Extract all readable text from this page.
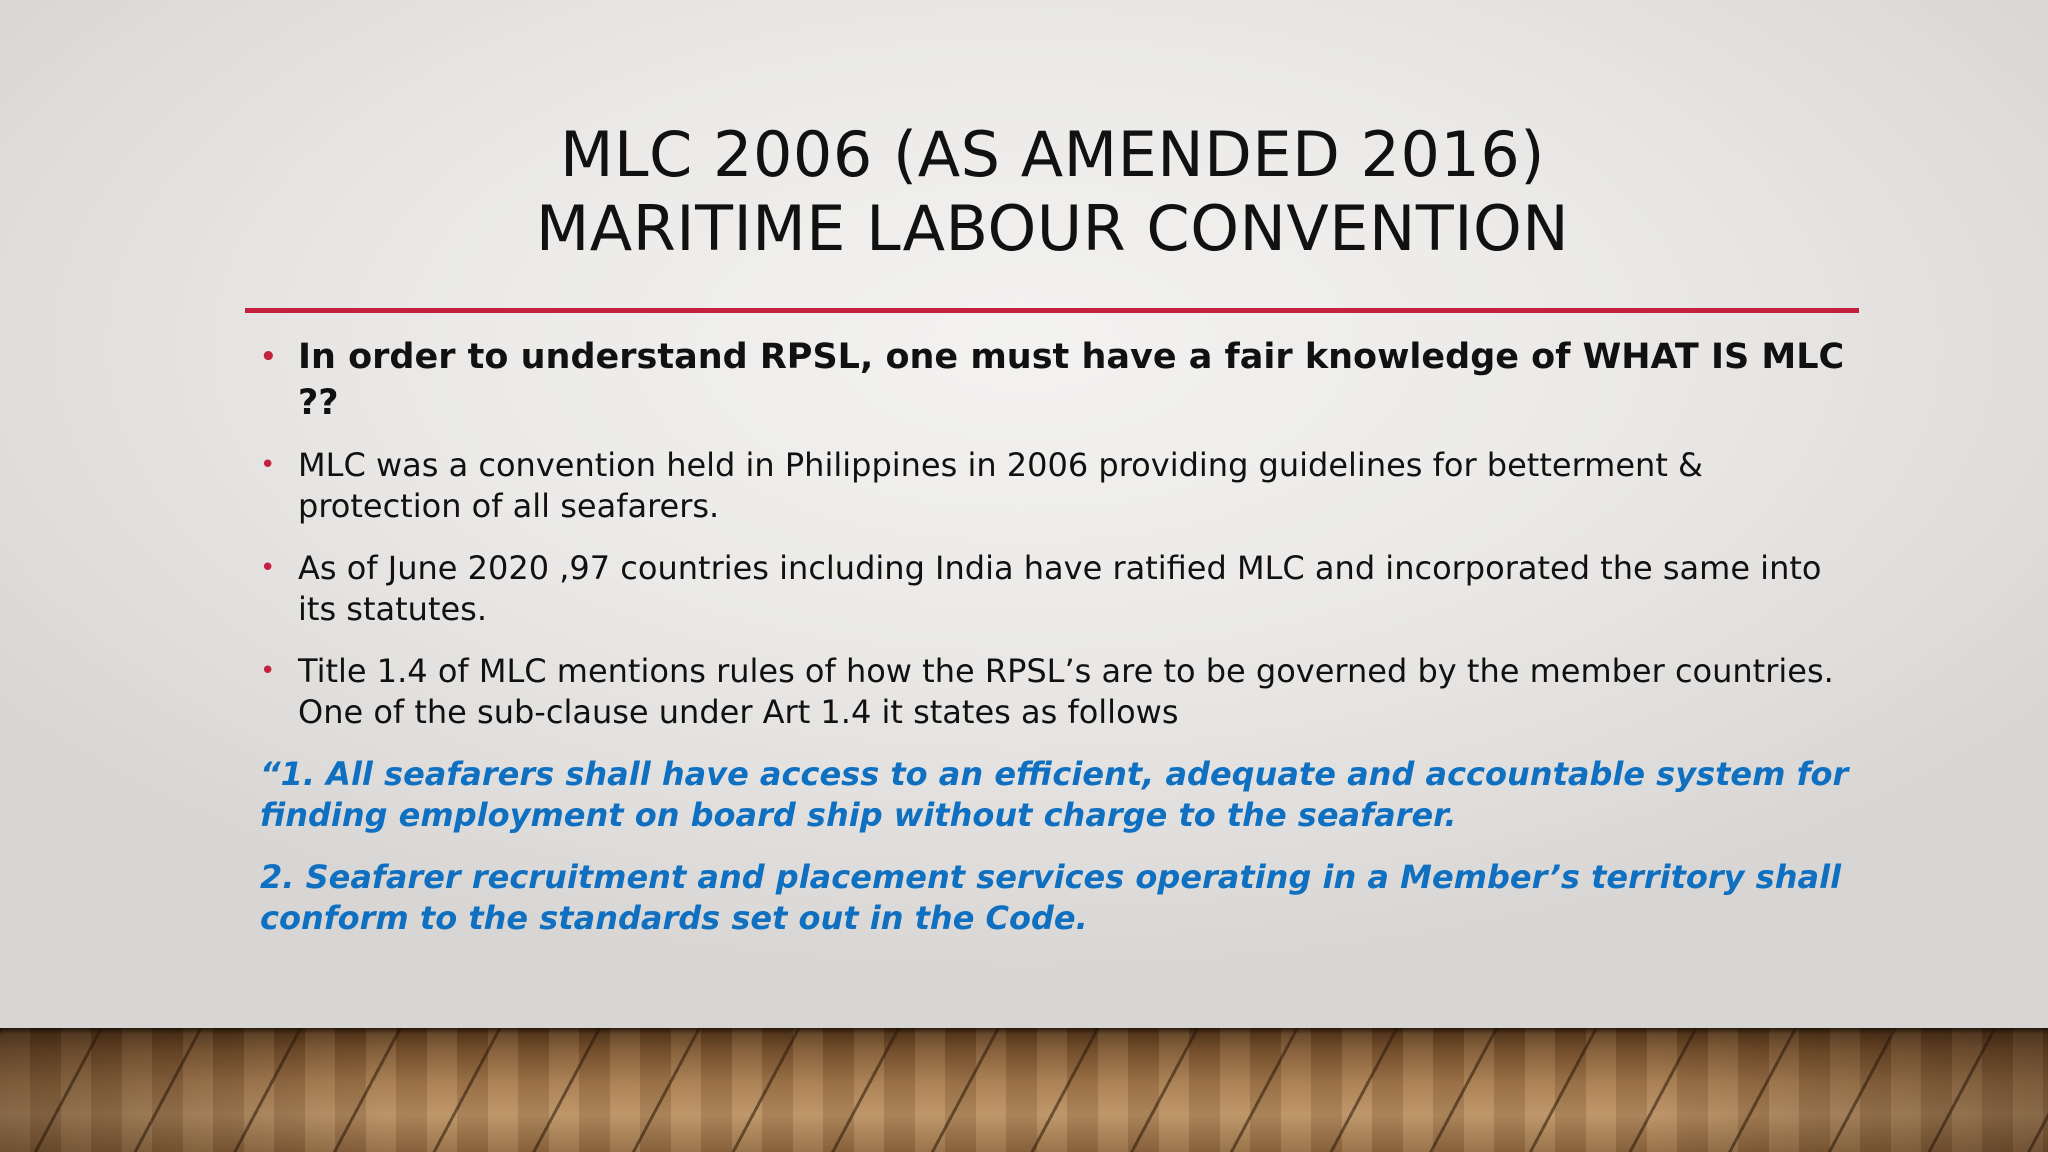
MLC 2006 (AS AMENDED 2016)
MARITIME LABOUR CONVENTION
• In order to understand RPSL, one must have a fair knowledge of WHAT IS MLC ??
• MLC was a convention held in Philippines in 2006 providing guidelines for betterment & protection of all seafarers.
• As of June 2020 ,97 countries including India have ratified MLC and incorporated the same into its statutes.
• Title 1.4 of MLC mentions rules of how the RPSL’s are to be governed by the member countries. One of the sub-clause under Art 1.4 it states as follows
“1. All seafarers shall have access to an efficient, adequate and accountable system for finding employment on board ship without charge to the seafarer.
2. Seafarer recruitment and placement services operating in a Member’s territory shall conform to the standards set out in the Code.
